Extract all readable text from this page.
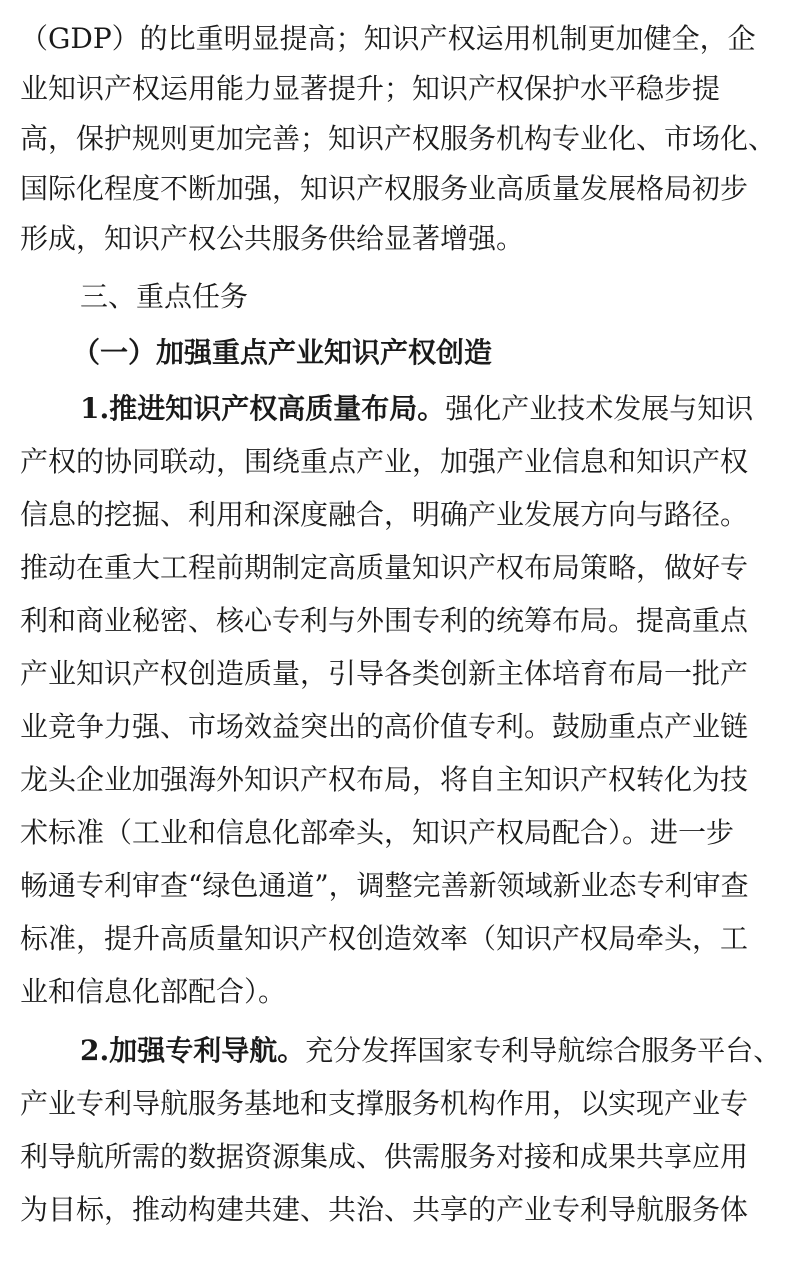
（GDP）的比重明显提高；知识产权运用机制更加健全，企
业知识产权运用能力显著提升；知识产权保护水平稳步提
高，保护规则更加完善；知识产权服务机构专业化、市场化、
国际化程度不断加强，知识产权服务业高质量发展格局初步
形成，知识产权公共服务供给显著增强。
三、重点任务
（一）加强重点产业知识产权创造
1.推进知识产权高质量布局。强化产业技术发展与知识
产权的协同联动，围绕重点产业，加强产业信息和知识产权
信息的挖掘、利用和深度融合，明确产业发展方向与路径。
推动在重大工程前期制定高质量知识产权布局策略，做好专
利和商业秘密、核心专利与外围专利的统筹布局。提高重点
产业知识产权创造质量，引导各类创新主体培育布局一批产
业竞争力强、市场效益突出的高价值专利。鼓励重点产业链
龙头企业加强海外知识产权布局，将自主知识产权转化为技
术标准（工业和信息化部牵头，知识产权局配合）。进一步
畅通专利审查“绿色通道”，调整完善新领域新业态专利审查
标准，提升高质量知识产权创造效率（知识产权局牵头，工
业和信息化部配合）。
2.加强专利导航。充分发挥国家专利导航综合服务平台、
产业专利导航服务基地和支撑服务机构作用，以实现产业专
利导航所需的数据资源集成、供需服务对接和成果共享应用
为目标，推动构建共建、共治、共享的产业专利导航服务体
